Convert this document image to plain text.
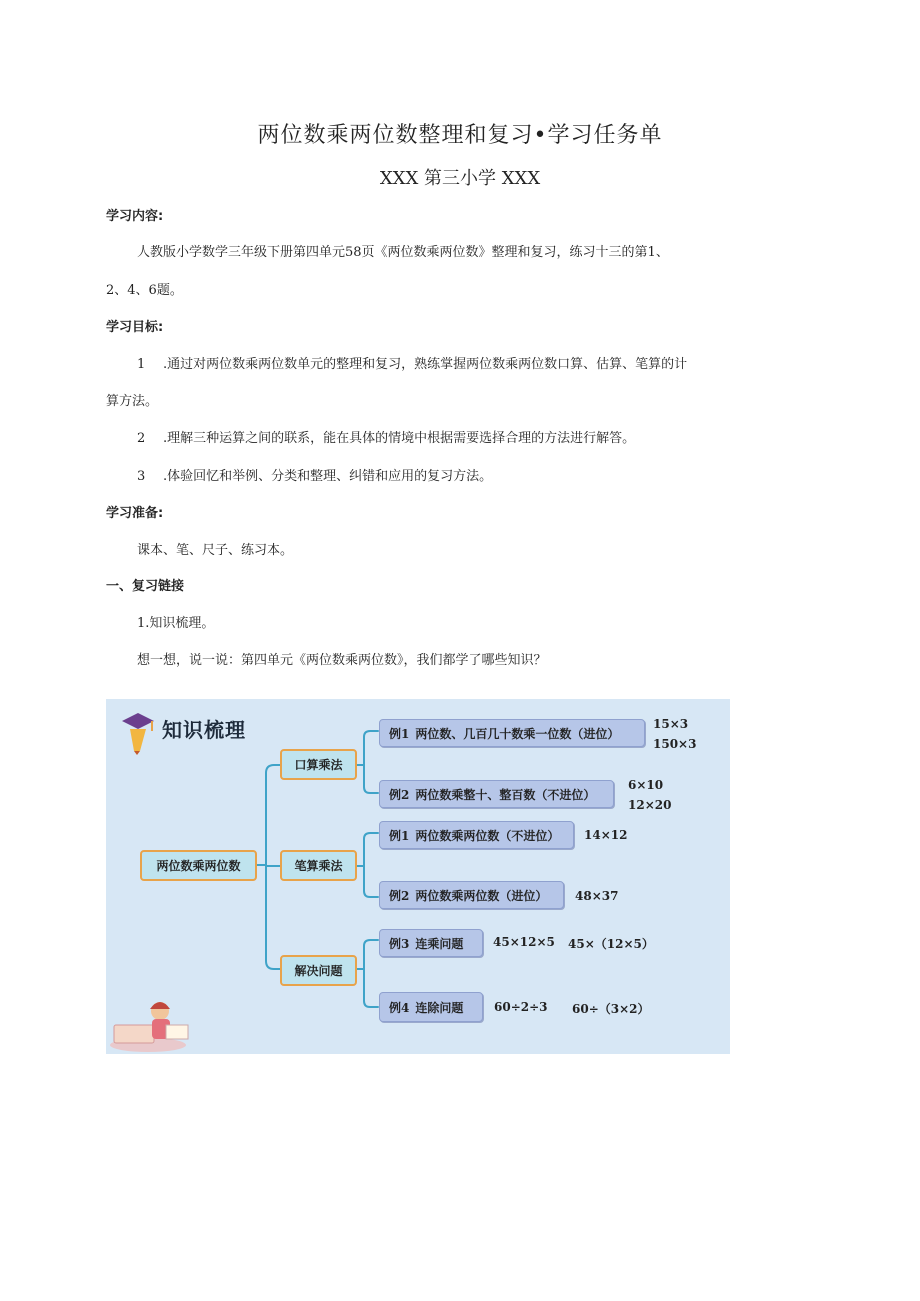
两位数乘两位数整理和复习•学习任务单
XXX 第三小学 XXX
学习内容:
人教版小学数学三年级下册第四单元58页《两位数乘两位数》整理和复习，练习十三的第1、
2、4、6题。
学习目标:
1 .通过对两位数乘两位数单元的整理和复习，熟练掌握两位数乘两位数口算、估算、笔算的计
算方法。
2 .理解三种运算之间的联系，能在具体的情境中根据需要选择合理的方法进行解答。
3 .体验回忆和举例、分类和整理、纠错和应用的复习方法。
学习准备:
课本、笔、尺子、练习本。
一、复习链接
1.知识梳理。
想一想，说一说：第四单元《两位数乘两位数》，我们都学了哪些知识？
知识梳理
两位数乘两位数
口算乘法
笔算乘法
解决问题
例1 两位数、几百几十数乘一位数（进位）
15×3
150×3
例2 两位数乘整十、整百数（不进位）
6×10
12×20
例1 两位数乘两位数（不进位） 14×12
例2 两位数乘两位数（进位） 48×37
例3 连乘问题 45×12×5 45×（12×5）
例4 连除问题	60÷2÷3 60÷（3×2）
